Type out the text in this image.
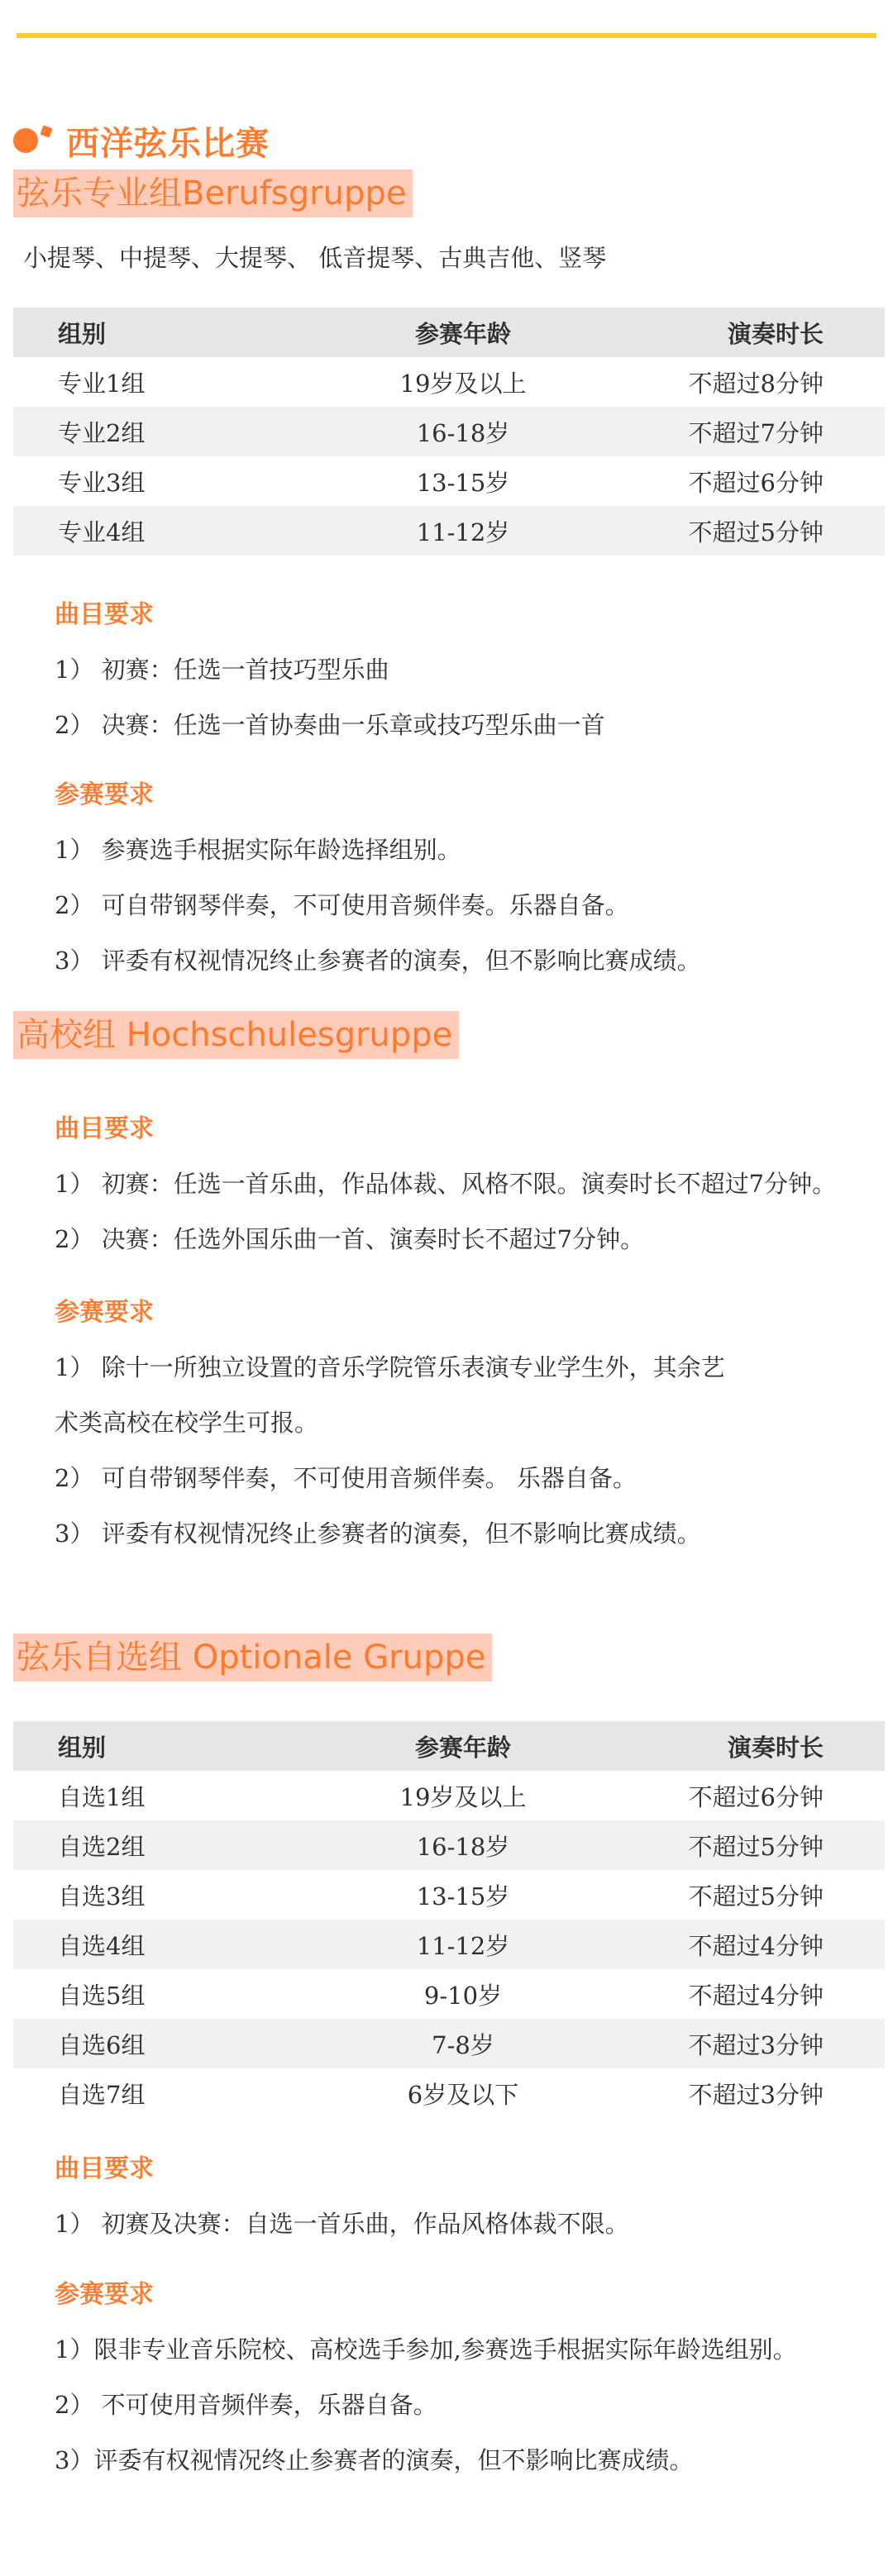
西洋弦乐比赛
弦乐专业组Berufsgruppe
小提琴、中提琴、大提琴、 低音提琴、古典吉他、竖琴
组别	参赛年龄	演奏时长
专业1组	19岁及以上	不超过8分钟
专业2组	16-18岁	不超过7分钟
专业3组	13-15岁	不超过6分钟
专业4组	11-12岁	不超过5分钟
曲目要求
1） 初赛：任选一首技巧型乐曲
2） 决赛：任选一首协奏曲一乐章或技巧型乐曲一首
参赛要求
1） 参赛选手根据实际年龄选择组别。
2） 可自带钢琴伴奏，不可使用音频伴奏。乐器自备。
3） 评委有权视情况终止参赛者的演奏，但不影响比赛成绩。
高校组 Hochschulesgruppe
曲目要求
1） 初赛：任选一首乐曲，作品体裁、风格不限。演奏时长不超过7分钟。
2） 决赛：任选外国乐曲一首、演奏时长不超过7分钟。
参赛要求
1） 除十一所独立设置的音乐学院管乐表演专业学生外，其余艺
术类高校在校学生可报。
2） 可自带钢琴伴奏，不可使用音频伴奏。 乐器自备。
3） 评委有权视情况终止参赛者的演奏，但不影响比赛成绩。
弦乐自选组 Optionale Gruppe
组别	参赛年龄	演奏时长
自选1组	19岁及以上	不超过6分钟
自选2组	16-18岁	不超过5分钟
自选3组	13-15岁	不超过5分钟
自选4组	11-12岁	不超过4分钟
自选5组	9-10岁	不超过4分钟
自选6组	7-8岁	不超过3分钟
自选7组	6岁及以下	不超过3分钟
曲目要求
1） 初赛及决赛：自选一首乐曲，作品风格体裁不限。
参赛要求
1）限非专业音乐院校、高校选手参加,参赛选手根据实际年龄选组别。
2） 不可使用音频伴奏，乐器自备。
3）评委有权视情况终止参赛者的演奏，但不影响比赛成绩。
